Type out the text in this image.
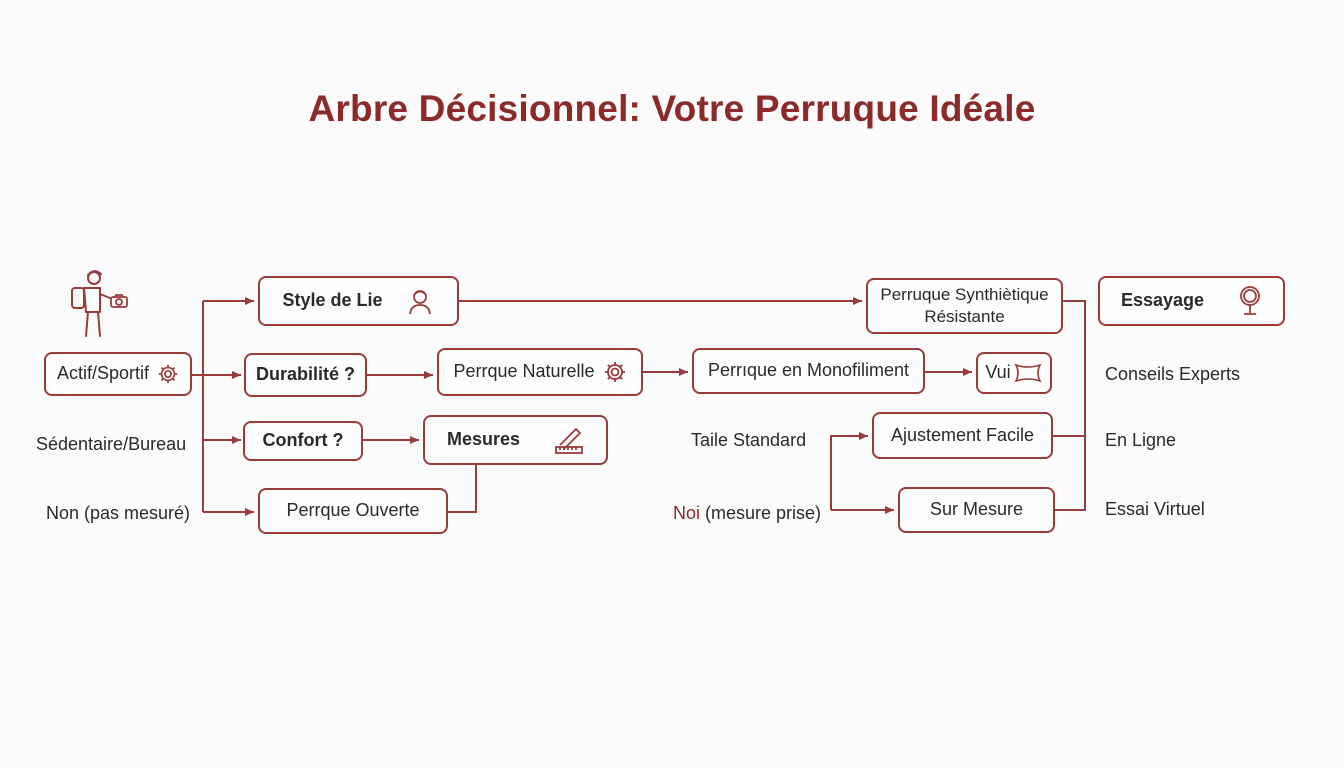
Arbre Décisionnel: Votre Perruque Idéale
Actif/Sportif
Sédentaire/Bureau
Non (pas mesuré)
Style de Lie
Durabilité ?
Confort ?
Perrque Ouverte
Perrque Naturelle
Mesures
Perrıque en Monofiliment	Vui
Perruque Synthiètique
Résistante
Ajustement Facile
Sur Mesure
Taile Standard
Noi (mesure prise)
Essayage
Conseils Experts
En Ligne
Essai Virtuel
